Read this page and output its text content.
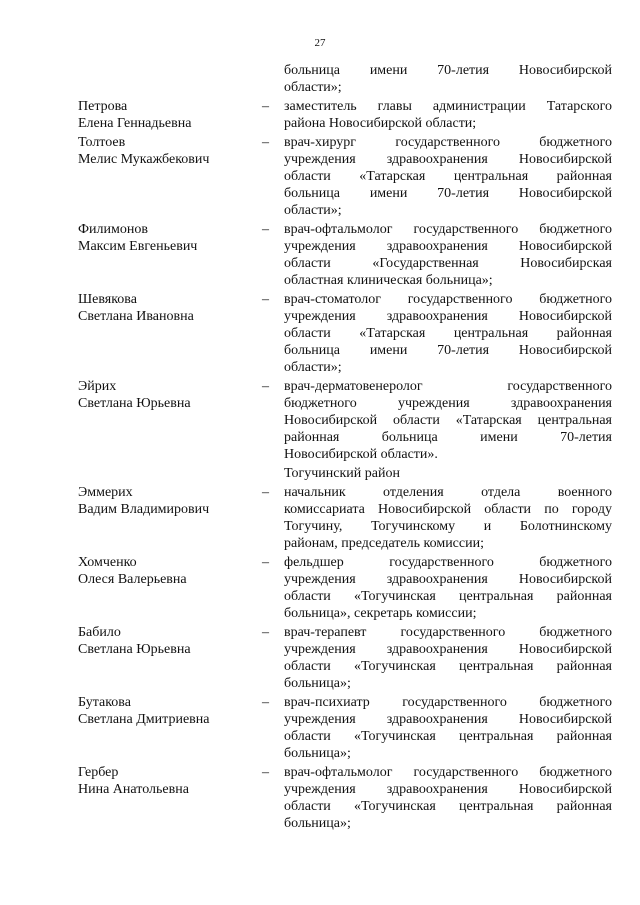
27
больница имени 70-летия Новосибирской
области»;
Петрова
Елена Геннадьевна
–	заместитель главы администрации Татарского
района Новосибирской области;
Толтоев
Мелис Мукажбекович
–	врач-хирург государственного бюджетного
учреждения здравоохранения Новосибирской
области «Татарская центральная районная
больница имени 70-летия Новосибирской
области»;
Филимонов
Максим Евгеньевич
–	врач-офтальмолог государственного бюджетного
учреждения здравоохранения Новосибирской
области «Государственная Новосибирская
областная клиническая больница»;
Шевякова
Светлана Ивановна
–	врач-стоматолог государственного бюджетного
учреждения здравоохранения Новосибирской
области «Татарская центральная районная
больница имени 70-летия Новосибирской
области»;
Эйрих
Светлана Юрьевна
–	врач-дерматовенеролог государственного
бюджетного учреждения здравоохранения
Новосибирской области «Татарская центральная
районная больница имени 70-летия
Новосибирской области».
Тогучинский район
Эммерих
Вадим Владимирович
–	начальник отделения отдела военного
комиссариата Новосибирской области по городу
Тогучину, Тогучинскому и Болотнинскому
районам, председатель комиссии;
Хомченко
Олеся Валерьевна
–	фельдшер государственного бюджетного
учреждения здравоохранения Новосибирской
области «Тогучинская центральная районная
больница», секретарь комиссии;
Бабило
Светлана Юрьевна
–	врач-терапевт государственного бюджетного
учреждения здравоохранения Новосибирской
области «Тогучинская центральная районная
больница»;
Бутакова
Светлана Дмитриевна
–	врач-психиатр государственного бюджетного
учреждения здравоохранения Новосибирской
области «Тогучинская центральная районная
больница»;
Гербер
Нина Анатольевна
–	врач-офтальмолог государственного бюджетного
учреждения здравоохранения Новосибирской
области «Тогучинская центральная районная
больница»;
